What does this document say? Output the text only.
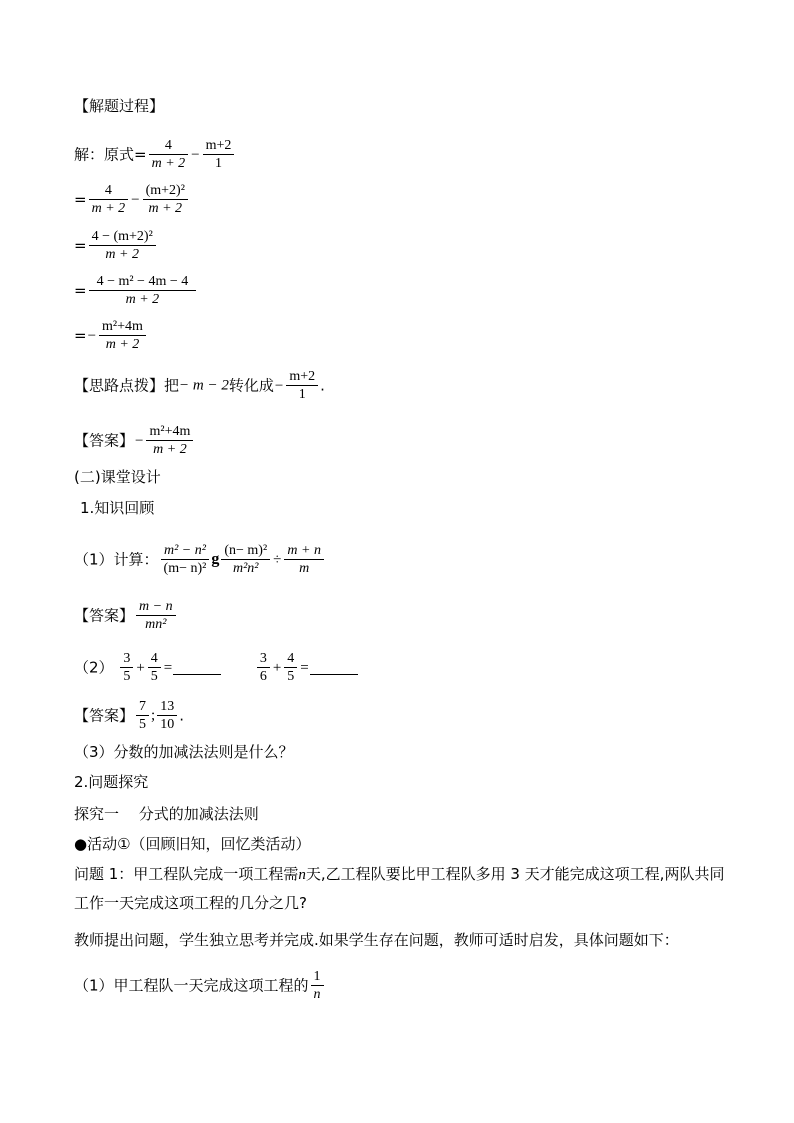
【解题过程】
解：原式= $\frac{4}{m + 2} - \frac{m+2}{1}$
= $\frac{4}{m + 2} - \frac{\text{(m+2)²}}{m + 2}$
= $\frac{\text{4 − (m+2)²}}{m + 2}$
= $\frac{\text{4 − m² − 4m − 4}}{m + 2}$
=− $\frac{\text{m²+4m}}{m + 2}$
【思路点拨】把− m − 2转化成− $\frac{m+2}{1}$ .
【答案】− $\frac{\text{m²+4m}}{m + 2}$
(二)课堂设计
1.知识回顾
（1）计算： $\frac{\text{m² − n²}}{\text{(m− n)²}}$ g $\frac{\text{(n− m)²}}{\text{m²n²}} \div \frac{m + n}{m}$
【答案】 $\frac{m - n}{\text{mn²}}$
$(2) \frac{3}{5} + \frac{4}{5}$ =	$\frac{3}{6} + \frac{4}{5}$ =
【答案】 $\frac{7}{5}$ ; $\frac{13}{10}$ .
（3）分数的加减法法则是什么？
2.问题探究
探究一　 分式的加减法法则
●活动①（回顾旧知，回忆类活动）
问题 1：甲工程队完成一项工程需n天,乙工程队要比甲工程队多用 3 天才能完成这项工程,两队共同工作一天完成这项工程的几分之几?
教师提出问题，学生独立思考并完成.如果学生存在问题，教师可适时启发，具体问题如下：
（1）甲工程队一天完成这项工程的 $\frac{1}{n}$
